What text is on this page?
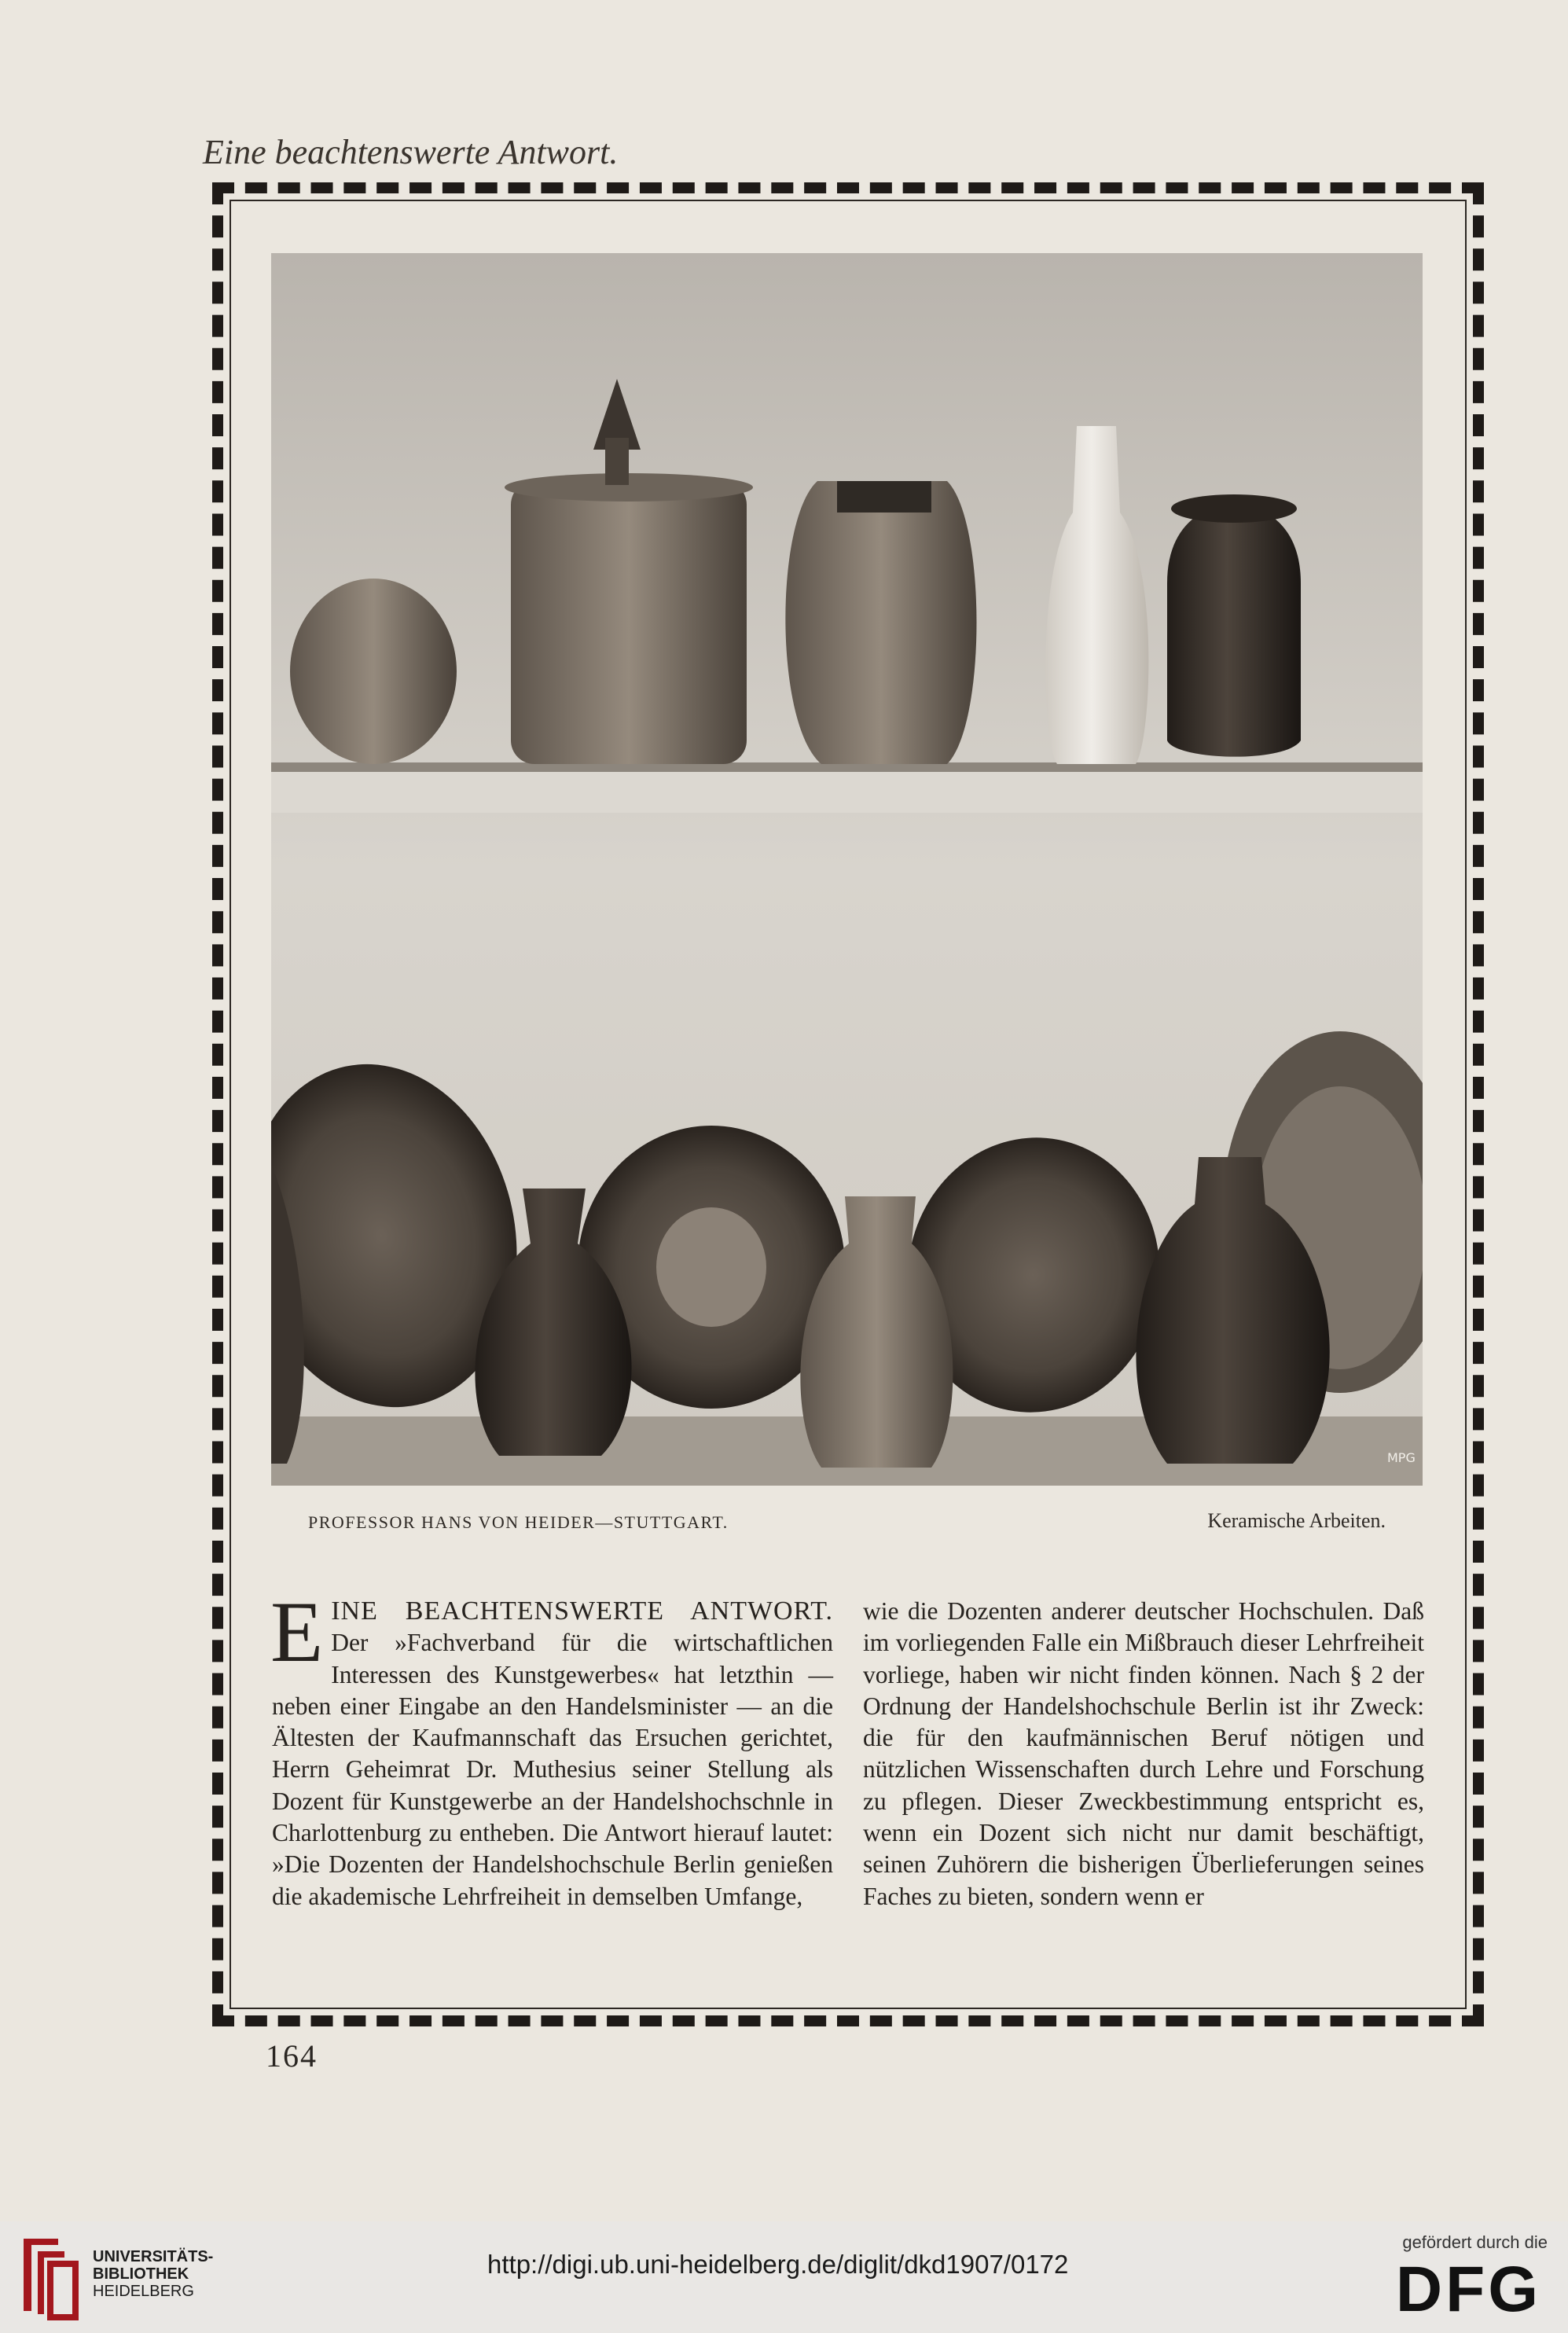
Eine beachtenswerte Antwort.
MPG
PROFESSOR HANS VON HEIDER—STUTTGART.	Keramische Arbeiten.
EINE BEACHTENSWERTE ANTWORT. Der »Fachverband für die wirtschaftlichen Interessen des Kunstgewerbes« hat letzthin — neben einer Eingabe an den Handelsminister — an die Ältesten der Kaufmannschaft das Ersuchen gerichtet, Herrn Geheimrat Dr. Muthesius seiner Stellung als Dozent für Kunstgewerbe an der Handelshochschnle in Charlottenburg zu entheben. Die Antwort hierauf lautet: »Die Dozenten der Handelshochschule Berlin genießen die akademische Lehrfreiheit in demselben Umfange,
wie die Dozenten anderer deutscher Hochschulen. Daß im vorliegenden Falle ein Mißbrauch dieser Lehrfreiheit vorliege, haben wir nicht finden können. Nach § 2 der Ordnung der Handelshochschule Berlin ist ihr Zweck: die für den kaufmännischen Beruf nötigen und nützlichen Wissenschaften durch Lehre und Forschung zu pflegen. Dieser Zweckbestimmung entspricht es, wenn ein Dozent sich nicht nur damit beschäftigt, seinen Zuhörern die bisherigen Überlieferungen seines Faches zu bieten, sondern wenn er
164
UNIVERSITÄTS-
BIBLIOTHEK
HEIDELBERG
http://digi.ub.uni-heidelberg.de/diglit/dkd1907/0172
gefördert durch die
DFG
